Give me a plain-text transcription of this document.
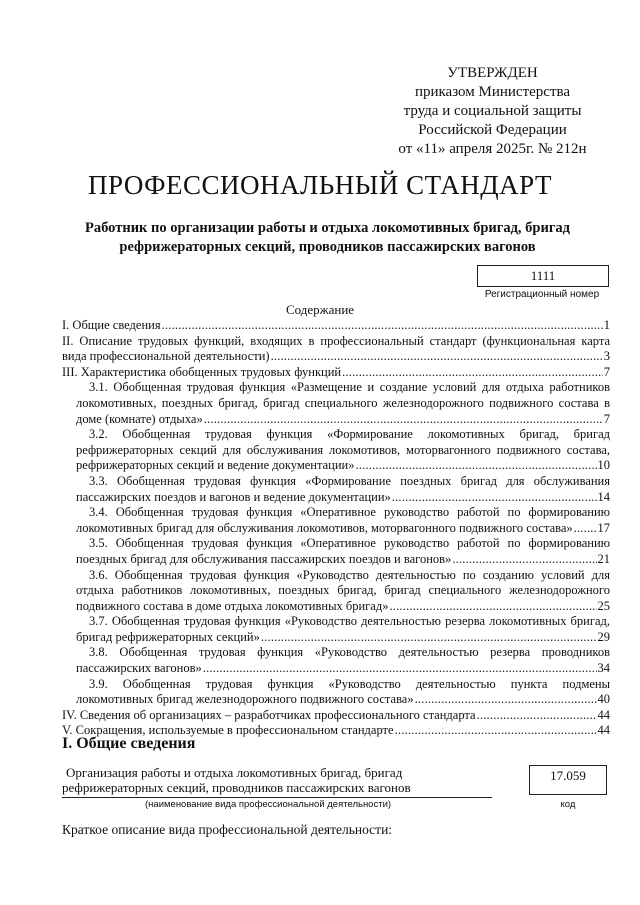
УТВЕРЖДЕН
приказом Министерства
труда и социальной защиты
Российской Федерации
от «11» апреля 2025г. № 212н
ПРОФЕССИОНАЛЬНЫЙ СТАНДАРТ
Работник по организации работы и отдыха локомотивных бригад, бригад
рефрижераторных секций, проводников пассажирских вагонов
1111
Регистрационный номер
Содержание
I. Общие сведения .....	1
II. Описание трудовых функций, входящих в профессиональный стандарт (функциональная карта
вида профессиональной деятельности) .....	3
III. Характеристика обобщенных трудовых функций .....	7
3.1. Обобщенная трудовая функция «Размещение и создание условий для отдыха работников
локомотивных, поездных бригад, бригад специального железнодорожного подвижного состава в
доме (комнате) отдыха» .....	7
3.2. Обобщенная трудовая функция «Формирование локомотивных бригад, бригад
рефрижераторных секций для обслуживания локомотивов, моторвагонного подвижного состава,
рефрижераторных секций и ведение документации» .....	10
3.3. Обобщенная трудовая функция «Формирование поездных бригад для обслуживания
пассажирских поездов и вагонов и ведение документации» .....	14
3.4. Обобщенная трудовая функция «Оперативное руководство работой по формированию
локомотивных бригад для обслуживания локомотивов, моторвагонного подвижного состава» ..... 17
3.5. Обобщенная трудовая функция «Оперативное руководство работой по формированию
поездных бригад для обслуживания пассажирских поездов и вагонов» .....	21
3.6. Обобщенная трудовая функция «Руководство деятельностью по созданию условий для
отдыха работников локомотивных, поездных бригад, бригад специального железнодорожного
подвижного состава в доме отдыха локомотивных бригад» .....	25
3.7. Обобщенная трудовая функция «Руководство деятельностью резерва локомотивных бригад,
бригад рефрижераторных секций» .....	29
3.8. Обобщенная трудовая функция «Руководство деятельностью резерва проводников
пассажирских вагонов» .....	34
3.9. Обобщенная трудовая функция «Руководство деятельностью пункта подмены
локомотивных бригад железнодорожного подвижного состава» .....	40
IV. Сведения об организациях – разработчиках профессионального стандарта .....	44
V. Сокращения, используемые в профессиональном стандарте .....	44
I. Общие сведения
Организация работы и отдыха локомотивных бригад, бригад
рефрижераторных секций, проводников пассажирских вагонов
(наименование вида профессиональной деятельности)
17.059
код
Краткое описание вида профессиональной деятельности:
